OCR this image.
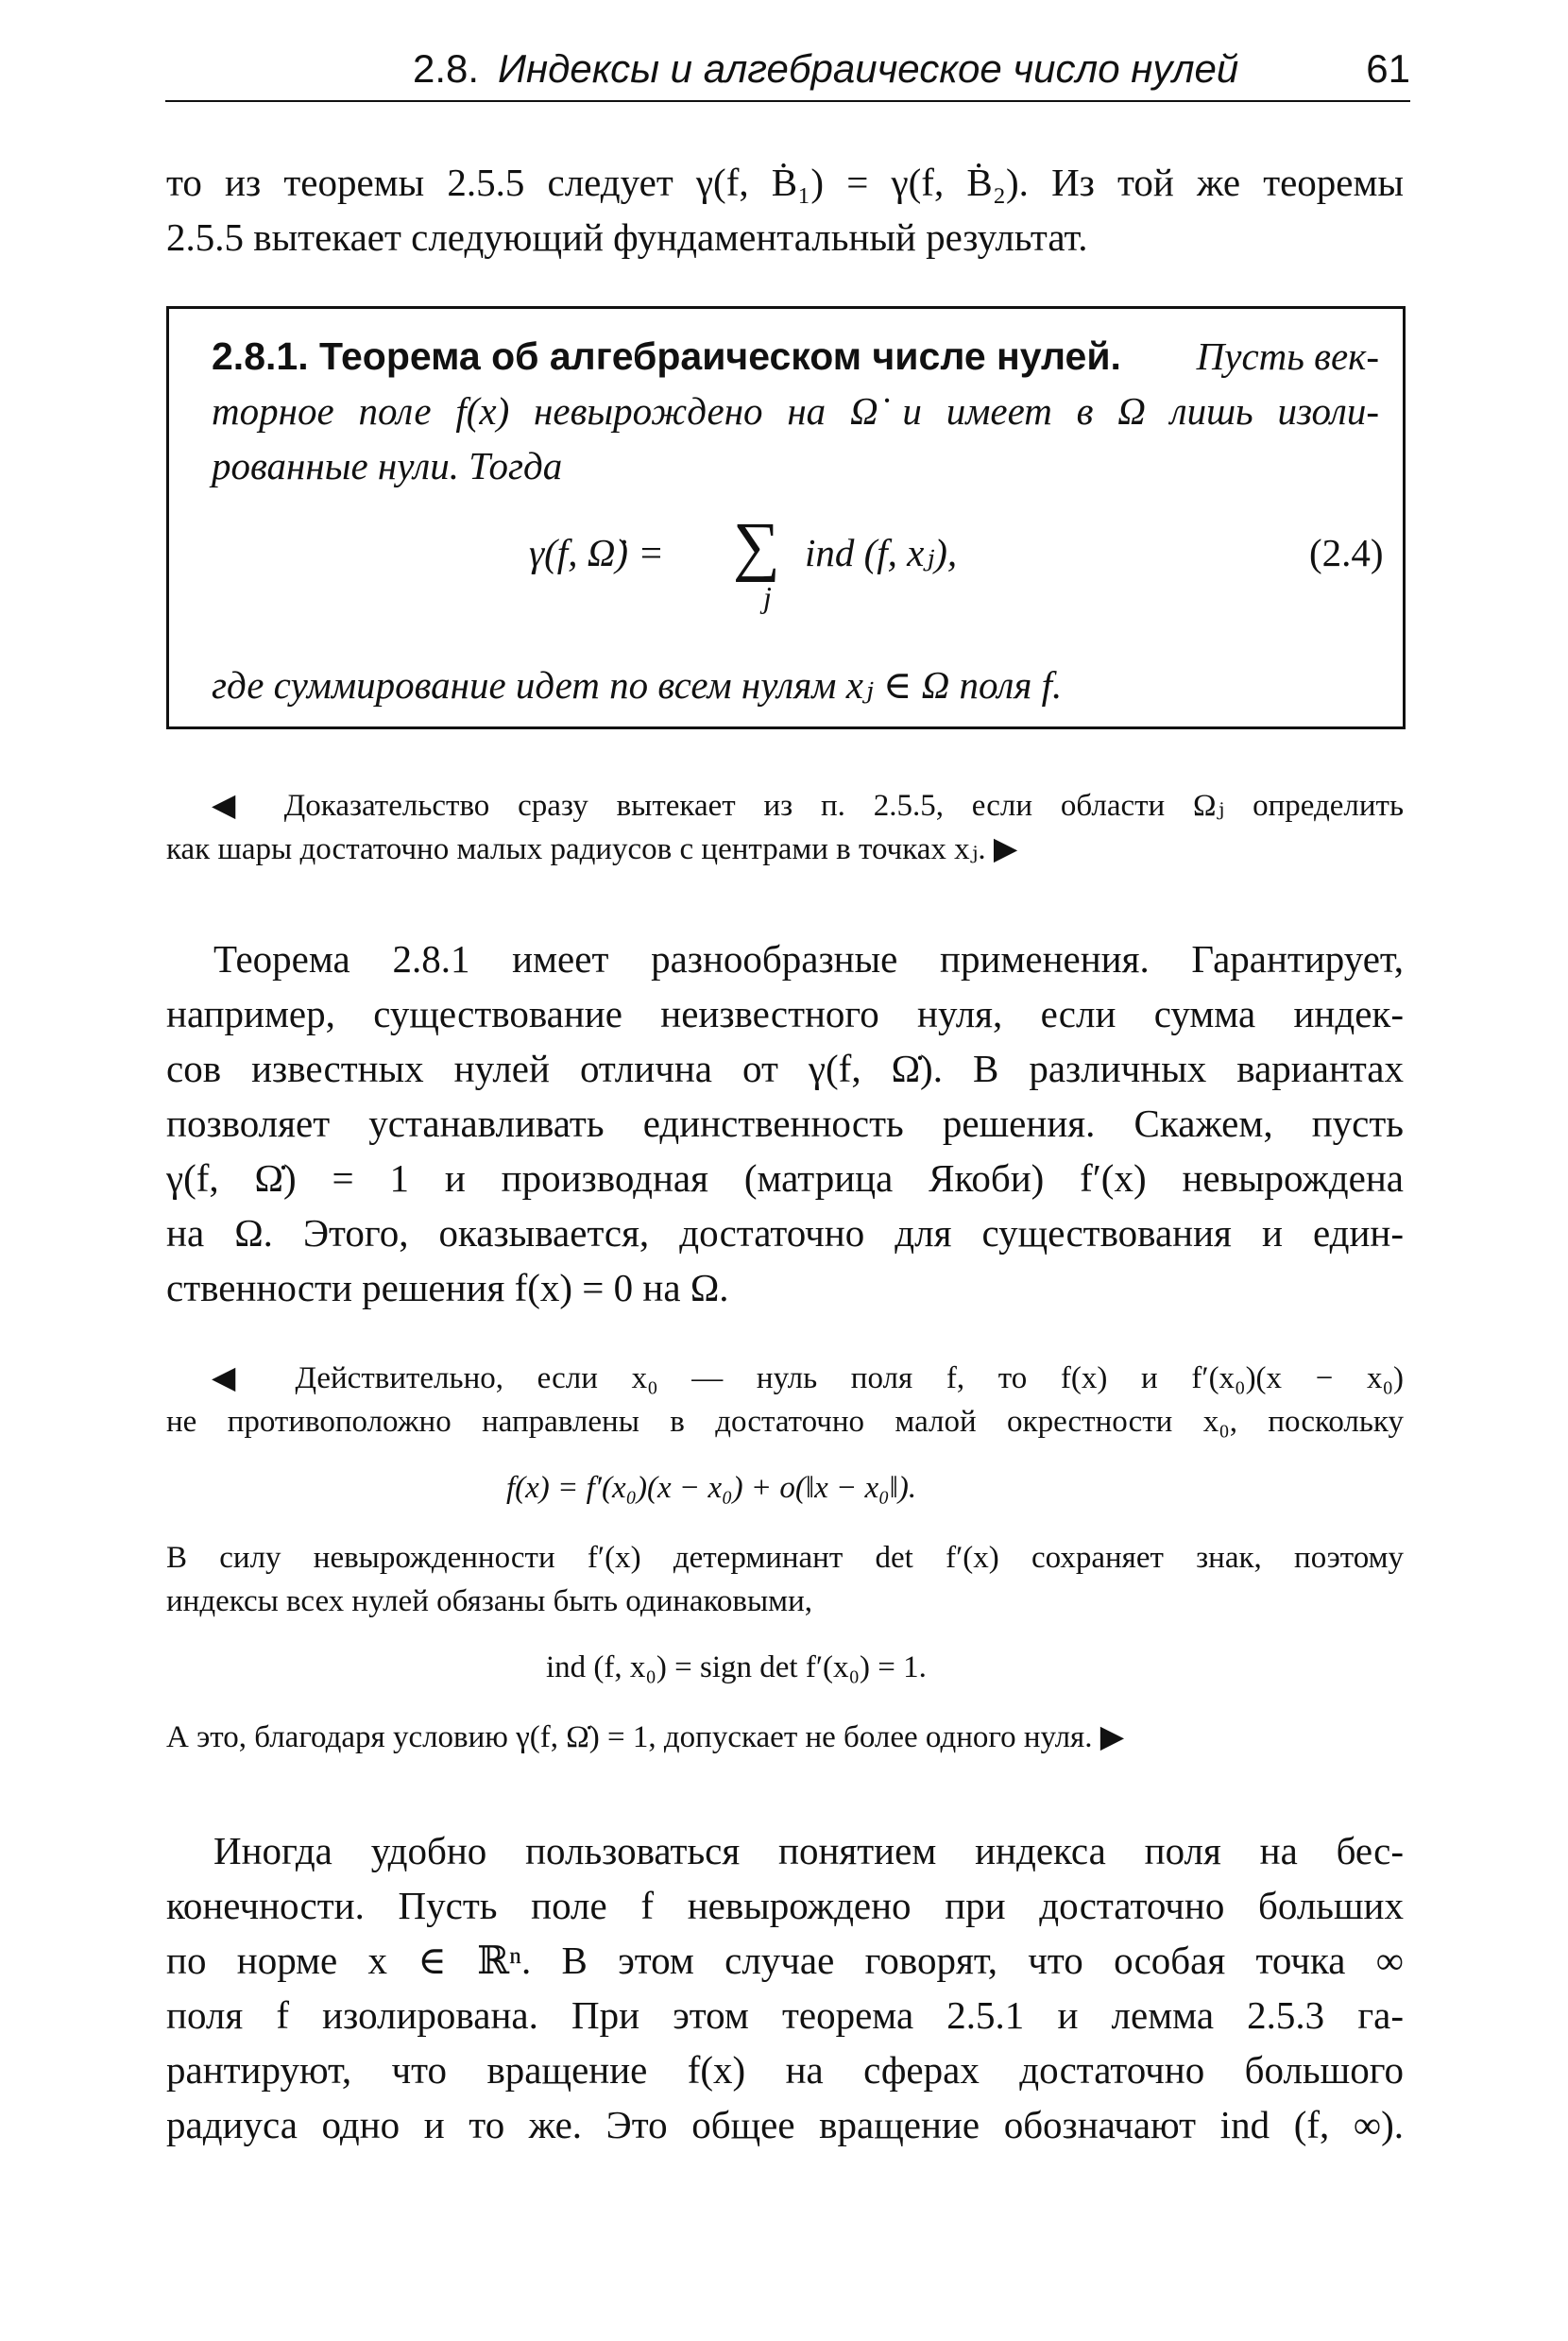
2.8. Индексы и алгебраическое число нулей	61
то из теоремы 2.5.5 следует γ(f, Ḃ₁) = γ(f, Ḃ₂). Из той же теоремы
2.5.5 вытекает следующий фундаментальный результат.
2.8.1. Теорема об алгебраическом числе нулей. Пусть век-
торное поле f(x) невырождено на Ω̇ и имеет в Ω лишь изоли-
рованные нули. Тогда
γ(f, Ω̇) = ∑
j
ind (f, xⱼ),	(2.4)
где суммирование идет по всем нулям xⱼ ∈ Ω поля f.
◀ Доказательство сразу вытекает из п. 2.5.5, если области Ωⱼ определить
как шары достаточно малых радиусов с центрами в точках xⱼ. ▶
Теорема 2.8.1 имеет разнообразные применения. Гарантирует,
например, существование неизвестного нуля, если сумма индек-
сов известных нулей отлична от γ(f, Ω̇). В различных вариантах
позволяет устанавливать единственность решения. Скажем, пусть
γ(f, Ω̇) = 1 и производная (матрица Якоби) f′(x) невырождена
на Ω. Этого, оказывается, достаточно для существования и един-
ственности решения f(x) = 0 на Ω.
◀ Действительно, если x₀ — нуль поля f, то f(x) и f′(x₀)(x − x₀)
не противоположно направлены в достаточно малой окрестности x₀, поскольку
f(x) = f′(x₀)(x − x₀) + o(‖x − x₀‖).
В силу невырожденности f′(x) детерминант det f′(x) сохраняет знак, поэтому
индексы всех нулей обязаны быть одинаковыми,
ind (f, x₀) = sign det f′(x₀) = 1.
А это, благодаря условию γ(f, Ω̇) = 1, допускает не более одного нуля. ▶
Иногда удобно пользоваться понятием индекса поля на бес-
конечности. Пусть поле f невырождено при достаточно больших
по норме x ∈ ℝⁿ. В этом случае говорят, что особая точка ∞
поля f изолирована. При этом теорема 2.5.1 и лемма 2.5.3 га-
рантируют, что вращение f(x) на сферах достаточно большого
радиуса одно и то же. Это общее вращение обозначают ind (f, ∞).
